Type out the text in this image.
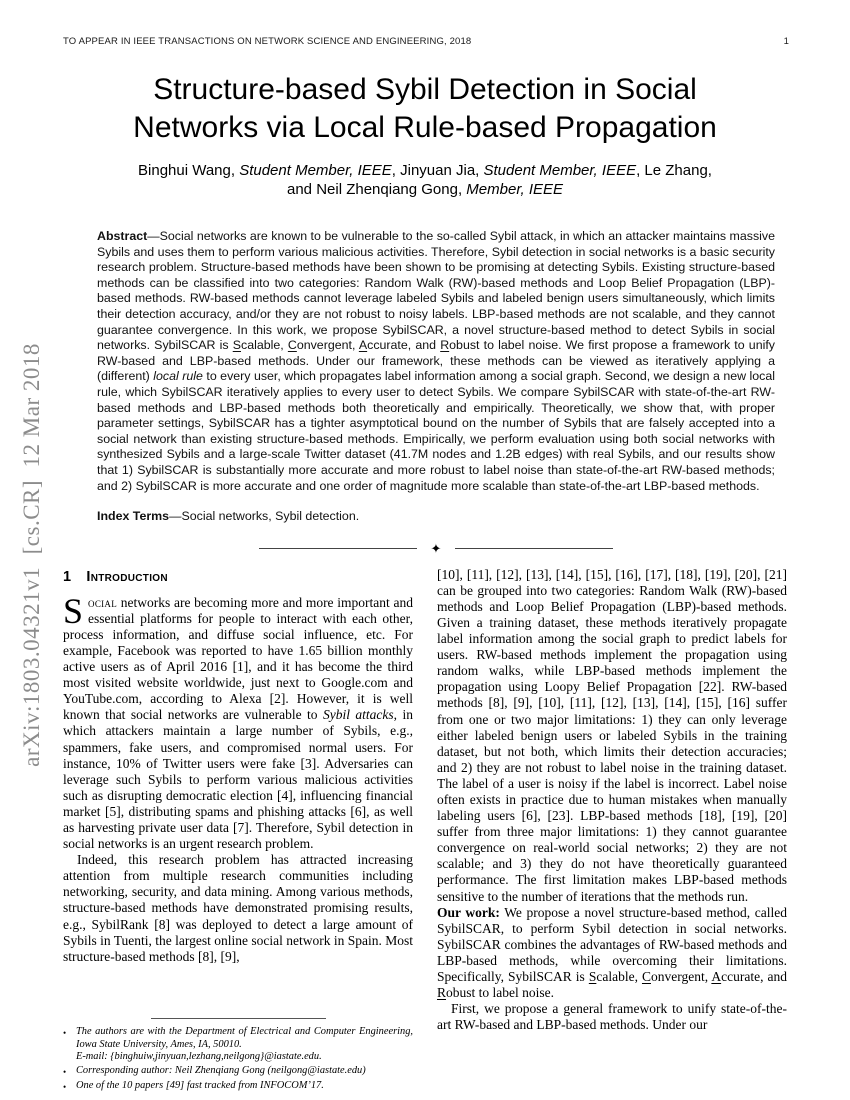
arXiv:1803.04321v1  [cs.CR]  12 Mar 2018
TO APPEAR IN IEEE TRANSACTIONS ON NETWORK SCIENCE AND ENGINEERING, 2018	1
Structure-based Sybil Detection in Social
Networks via Local Rule-based Propagation
Binghui Wang, Student Member, IEEE, Jinyuan Jia, Student Member, IEEE, Le Zhang,
and Neil Zhenqiang Gong, Member, IEEE

Abstract—Social networks are known to be vulnerable to the so-called Sybil attack, in which an attacker maintains massive Sybils and uses them to perform various malicious activities. Therefore, Sybil detection in social networks is a basic security research problem. Structure-based methods have been shown to be promising at detecting Sybils. Existing structure-based methods can be classified into two categories: Random Walk (RW)-based methods and Loop Belief Propagation (LBP)-based methods. RW-based methods cannot leverage labeled Sybils and labeled benign users simultaneously, which limits their detection accuracy, and/or they are not robust to noisy labels. LBP-based methods are not scalable, and they cannot guarantee convergence. In this work, we propose SybilSCAR, a novel structure-based method to detect Sybils in social networks. SybilSCAR is Scalable, Convergent, Accurate, and Robust to label noise. We first propose a framework to unify RW-based and LBP-based methods. Under our framework, these methods can be viewed as iteratively applying a (different) local rule to every user, which propagates label information among a social graph. Second, we design a new local rule, which SybilSCAR iteratively applies to every user to detect Sybils. We compare SybilSCAR with state-of-the-art RW-based methods and LBP-based methods both theoretically and empirically. Theoretically, we show that, with proper parameter settings, SybilSCAR has a tighter asymptotical bound on the number of Sybils that are falsely accepted into a social network than existing structure-based methods. Empirically, we perform evaluation using both social networks with synthesized Sybils and a large-scale Twitter dataset (41.7M nodes and 1.2B edges) with real Sybils, and our results show that 1) SybilSCAR is substantially more accurate and more robust to label noise than state-of-the-art RW-based methods; and 2) SybilSCAR is more accurate and one order of magnitude more scalable than state-of-the-art LBP-based methods.

Index Terms—Social networks, Sybil detection.

✦
1 Introduction

Social networks are becoming more and more important and essential platforms for people to interact with each other, process information, and diffuse social influence, etc. For example, Facebook was reported to have 1.65 billion monthly active users as of April 2016 [1], and it has become the third most visited website worldwide, just next to Google.com and YouTube.com, according to Alexa [2]. However, it is well known that social networks are vulnerable to Sybil attacks, in which attackers maintain a large number of Sybils, e.g., spammers, fake users, and compromised normal users. For instance, 10% of Twitter users were fake [3]. Adversaries can leverage such Sybils to perform various malicious activities such as disrupting democratic election [4], influencing financial market [5], distributing spams and phishing attacks [6], as well as harvesting private user data [7]. Therefore, Sybil detection in social networks is an urgent research problem.

Indeed, this research problem has attracted increasing attention from multiple research communities including networking, security, and data mining. Among various methods, structure-based methods have demonstrated promising results, e.g., SybilRank [8] was deployed to detect a large amount of Sybils in Tuenti, the largest online social network in Spain. Most structure-based methods [8], [9],

• The authors are with the Department of Electrical and Computer Engineering, Iowa State University, Ames, IA, 50010.
E-mail: {binghuiw,jinyuan,lezhang,neilgong}@iastate.edu.
• Corresponding author: Neil Zhenqiang Gong (neilgong@iastate.edu)
• One of the 10 papers [49] fast tracked from INFOCOM’17.

[10], [11], [12], [13], [14], [15], [16], [17], [18], [19], [20], [21] can be grouped into two categories: Random Walk (RW)-based methods and Loop Belief Propagation (LBP)-based methods. Given a training dataset, these methods iteratively propagate label information among the social graph to predict labels for users. RW-based methods implement the propagation using random walks, while LBP-based methods implement the propagation using Loopy Belief Propagation [22]. RW-based methods [8], [9], [10], [11], [12], [13], [14], [15], [16] suffer from one or two major limitations: 1) they can only leverage either labeled benign users or labeled Sybils in the training dataset, but not both, which limits their detection accuracies; and 2) they are not robust to label noise in the training dataset. The label of a user is noisy if the label is incorrect. Label noise often exists in practice due to human mistakes when manually labeling users [6], [23]. LBP-based methods [18], [19], [20] suffer from three major limitations: 1) they cannot guarantee convergence on real-world social networks; 2) they are not scalable; and 3) they do not have theoretically guaranteed performance. The first limitation makes LBP-based methods sensitive to the number of iterations that the methods run.

Our work: We propose a novel structure-based method, called SybilSCAR, to perform Sybil detection in social networks. SybilSCAR combines the advantages of RW-based methods and LBP-based methods, while overcoming their limitations. Specifically, SybilSCAR is Scalable, Convergent, Accurate, and Robust to label noise.

First, we propose a general framework to unify state-of-the-art RW-based and LBP-based methods. Under our
